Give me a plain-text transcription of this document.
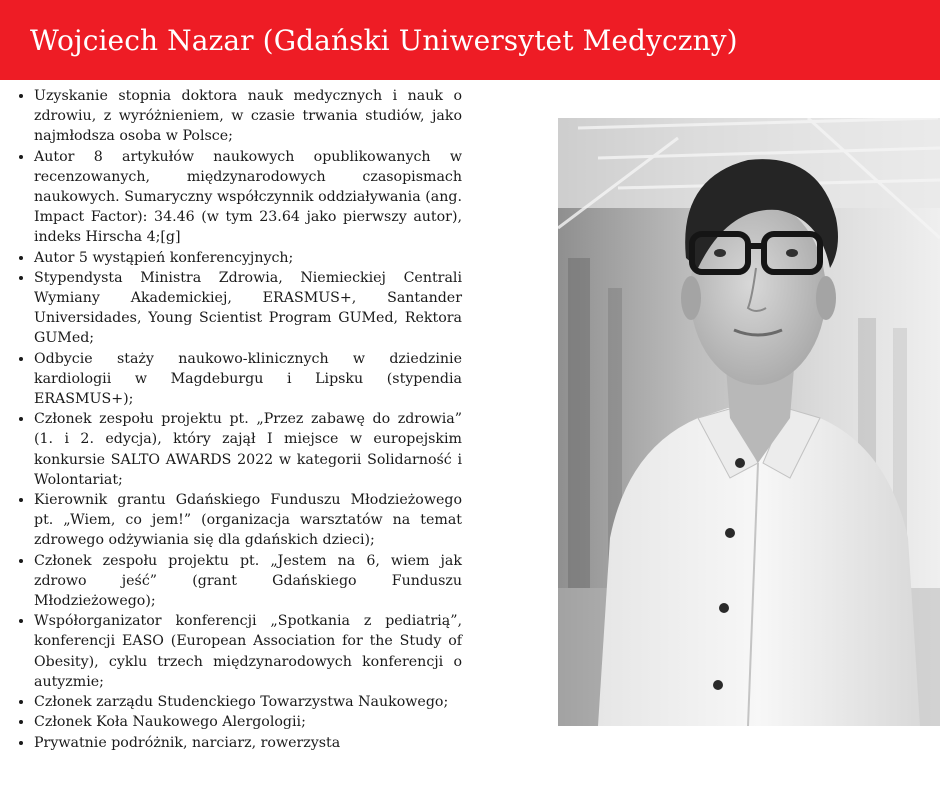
Wojciech Nazar (Gdański Uniwersytet Medyczny)
• Uzyskanie stopnia doktora nauk medycznych i nauk o zdrowiu, z wyróżnieniem, w czasie trwania studiów, jako najmłodsza osoba w Polsce;
• Autor 8 artykułów naukowych opublikowanych w recenzowanych, międzynarodowych czasopismach naukowych. Sumaryczny współczynnik oddziaływania (ang. Impact Factor): 34.46 (w tym 23.64 jako pierwszy autor), indeks Hirscha 4;[g]
• Autor 5 wystąpień konferencyjnych;
• Stypendysta Ministra Zdrowia, Niemieckiej Centrali Wymiany Akademickiej, ERASMUS+, Santander Universidades, Young Scientist Program GUMed, Rektora GUMed;
• Odbycie staży naukowo-klinicznych w dziedzinie kardiologii w Magdeburgu i Lipsku (stypendia ERASMUS+);
• Członek zespołu projektu pt. „Przez zabawę do zdrowia” (1. i 2. edycja), który zajął I miejsce w europejskim konkursie SALTO AWARDS 2022 w kategorii Solidarność i Wolontariat;
• Kierownik grantu Gdańskiego Funduszu Młodzieżowego pt. „Wiem, co jem!” (organizacja warsztatów na temat zdrowego odżywiania się dla gdańskich dzieci);
• Członek zespołu projektu pt. „Jestem na 6, wiem jak zdrowo jeść” (grant Gdańskiego Funduszu Młodzieżowego);
• Współorganizator konferencji „Spotkania z pediatrią”, konferencji EASO (European Association for the Study of Obesity), cyklu trzech międzynarodowych konferencji o autyzmie;
• Członek zarządu Studenckiego Towarzystwa Naukowego;
• Członek Koła Naukowego Alergologii;
• Prywatnie podróżnik, narciarz, rowerzysta
